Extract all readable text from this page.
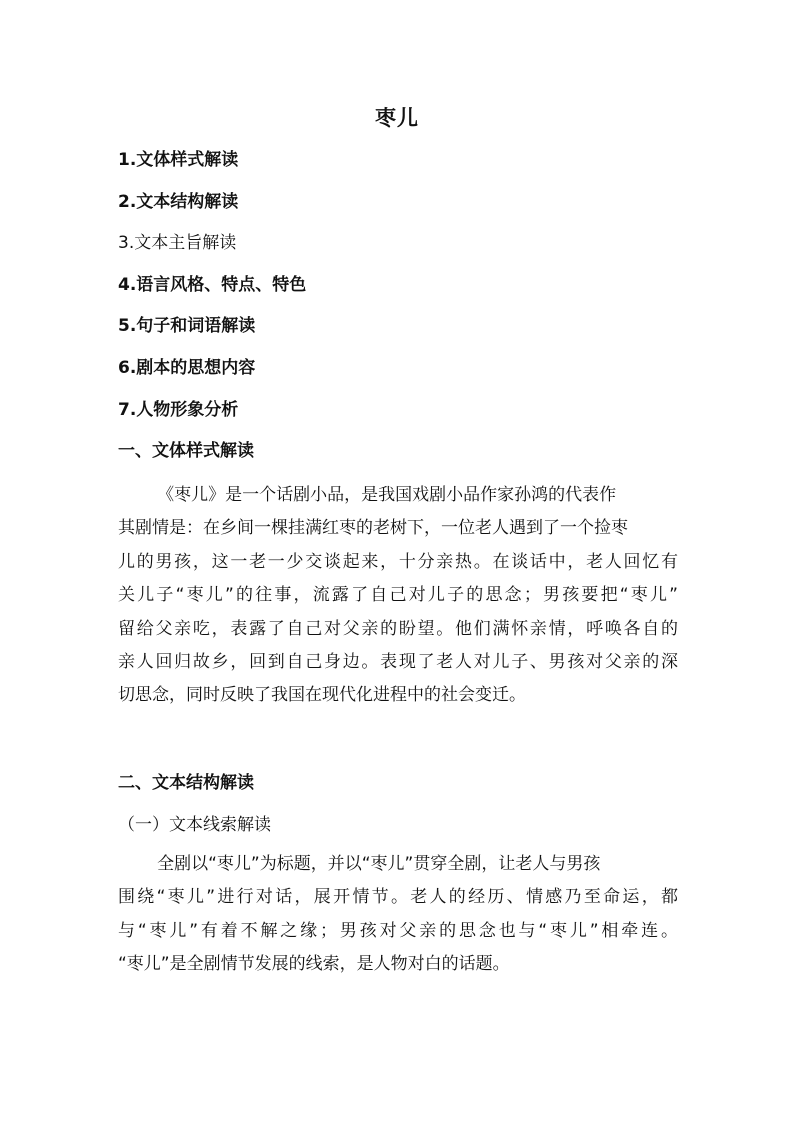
枣儿
1.文体样式解读
2.文本结构解读
3.文本主旨解读
4.语言风格、特点、特色
5.句子和词语解读
6.剧本的思想内容
7.人物形象分析
一、文体样式解读
《枣儿》是一个话剧小品，是我国戏剧小品作家孙鸿的代表作
其剧情是：在乡间一棵挂满红枣的老树下，一位老人遇到了一个捡枣
儿的男孩，这一老一少交谈起来，十分亲热。在谈话中，老人回忆有
关儿子“枣儿”的往事，流露了自己对儿子的思念；男孩要把“枣儿”
留给父亲吃，表露了自己对父亲的盼望。他们满怀亲情，呼唤各自的
亲人回归故乡，回到自己身边。表现了老人对儿子、男孩对父亲的深
切思念，同时反映了我国在现代化进程中的社会变迁。
二、文本结构解读
（一）文本线索解读
全剧以“枣儿”为标题，并以“枣儿”贯穿全剧，让老人与男孩
围绕“枣儿”进行对话，展开情节。老人的经历、情感乃至命运，都
与“枣儿”有着不解之缘；男孩对父亲的思念也与“枣儿”相牵连。
“枣儿”是全剧情节发展的线索，是人物对白的话题。
